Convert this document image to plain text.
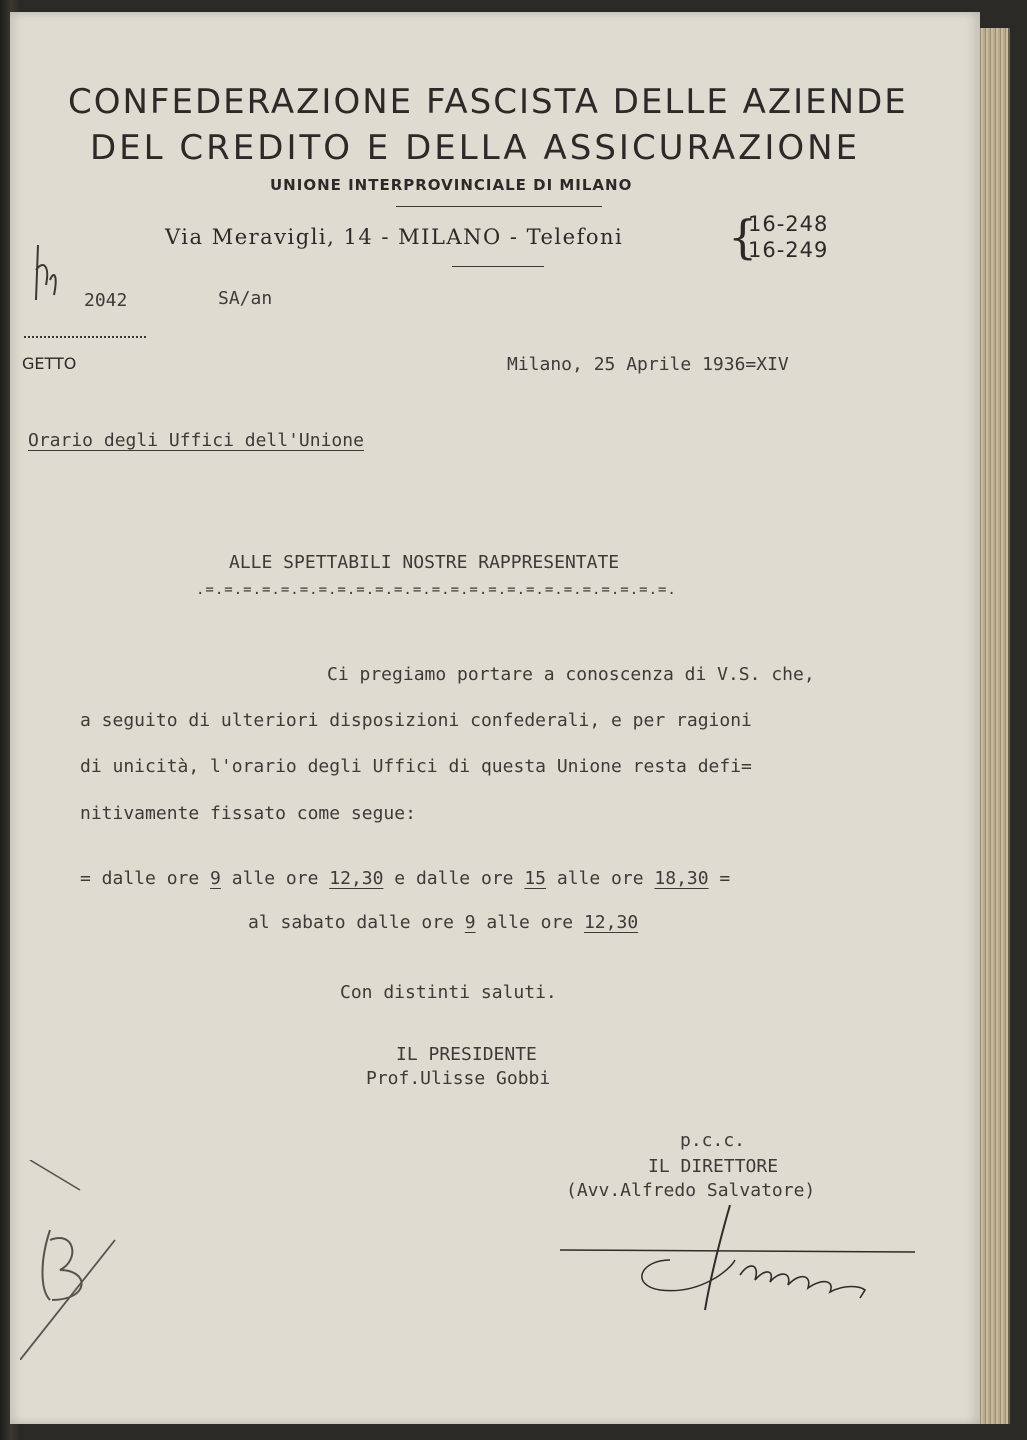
CONFEDERAZIONE FASCISTA DELLE AZIENDE
DEL CREDITO E DELLA ASSICURAZIONE
UNIONE INTERPROVINCIALE DI MILANO
Via Meravigli, 14 - MILANO - Telefoni {
16-248
16-249
2042	SA/an
GETTO	Milano, 25 Aprile 1936=XIV
Orario degli Uffici dell'Unione
ALLE SPETTABILI NOSTRE RAPPRESENTATE
.=.=.=.=.=.=.=.=.=.=.=.=.=.=.=.=.=.=.=.=.=.=.=.=.=.
Ci pregiamo portare a conoscenza di V.S. che,
a seguito di ulteriori disposizioni confederali, e per ragioni
di unicità, l'orario degli Uffici di questa Unione resta defi=
nitivamente fissato come segue:
= dalle ore 9 alle ore 12,30 e dalle ore 15 alle ore 18,30 =
al sabato dalle ore 9 alle ore 12,30
Con distinti saluti.
IL PRESIDENTE
Prof.Ulisse Gobbi
p.c.c.
IL DIRETTORE
(Avv.Alfredo Salvatore)
